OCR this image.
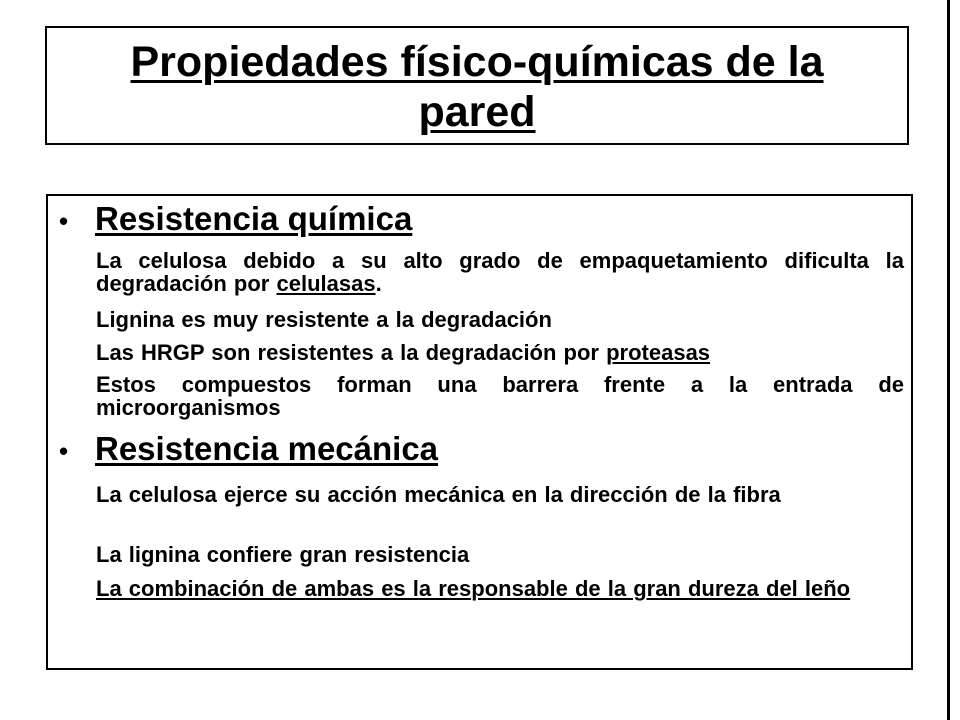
Propiedades físico-químicas de la
pared
• Resistencia química
La celulosa debido a su alto grado de empaquetamiento dificulta la degradación por celulasas.
Lignina es muy resistente a la degradación
Las HRGP son resistentes a la degradación por proteasas
Estos compuestos forman una barrera frente a la entrada de microorganismos
• Resistencia mecánica
La celulosa ejerce su acción mecánica en la dirección de la fibra
La lignina confiere gran resistencia
La combinación de ambas es la responsable de la gran dureza del leño
